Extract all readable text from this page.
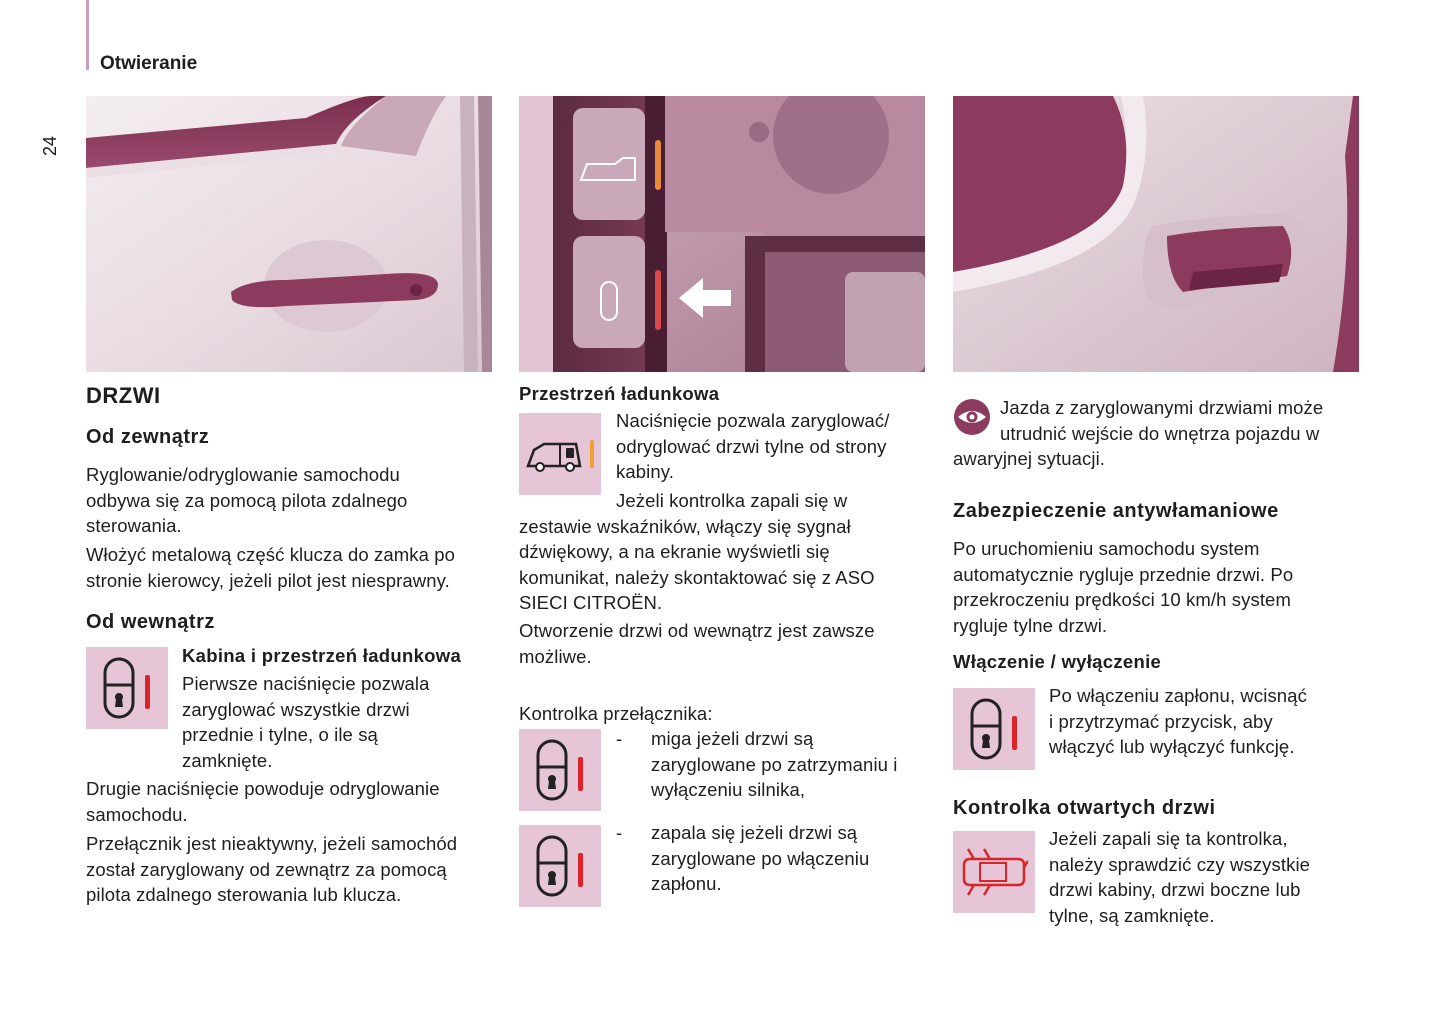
Otwieranie
24
DRZWI
Od zewnątrz

Ryglowanie/odryglowanie samochodu

odbywa się za pomocą pilota zdalnego

sterowania.

Włożyć metalową część klucza do zamka po

stronie kierowcy, jeżeli pilot jest niesprawny.

Od wewnątrz
Kabina i przestrzeń ładunkowa

Pierwsze naciśnięcie pozwala

zaryglować wszystkie drzwi

przednie i tylne, o ile są

zamknięte.

Drugie naciśnięcie powoduje odryglowanie

samochodu.

Przełącznik jest nieaktywny, jeżeli samochód

został zaryglowany od zewnątrz za pomocą

pilota zdalnego sterowania lub klucza.

Przestrzeń ładunkowa

Naciśnięcie pozwala zaryglować/

odryglować drzwi tylne od strony

kabiny.

Jeżeli kontrolka zapali się w

zestawie wskaźników, włączy się sygnał

dźwiękowy, a na ekranie wyświetli się

komunikat, należy skontaktować się z ASO

SIECI CITROËN.

Otworzenie drzwi od wewnątrz jest zawsze

możliwe.

Kontrolka przełącznika:

- miga jeżeli drzwi są

zaryglowane po zatrzymaniu i

wyłączeniu silnika,

- zapala się jeżeli drzwi są

zaryglowane po włączeniu

zapłonu.

Jazda z zaryglowanymi drzwiami może

utrudnić wejście do wnętrza pojazdu w

awaryjnej sytuacji.

Zabezpieczenie antywłamaniowe

Po uruchomieniu samochodu system

automatycznie rygluje przednie drzwi. Po

przekroczeniu prędkości 10 km/h system

rygluje tylne drzwi.

Włączenie / wyłączenie

Po włączeniu zapłonu, wcisnąć

i przytrzymać przycisk, aby

włączyć lub wyłączyć funkcję.

Kontrolka otwartych drzwi

Jeżeli zapali się ta kontrolka,

należy sprawdzić czy wszystkie

drzwi kabiny, drzwi boczne lub

tylne, są zamknięte.
